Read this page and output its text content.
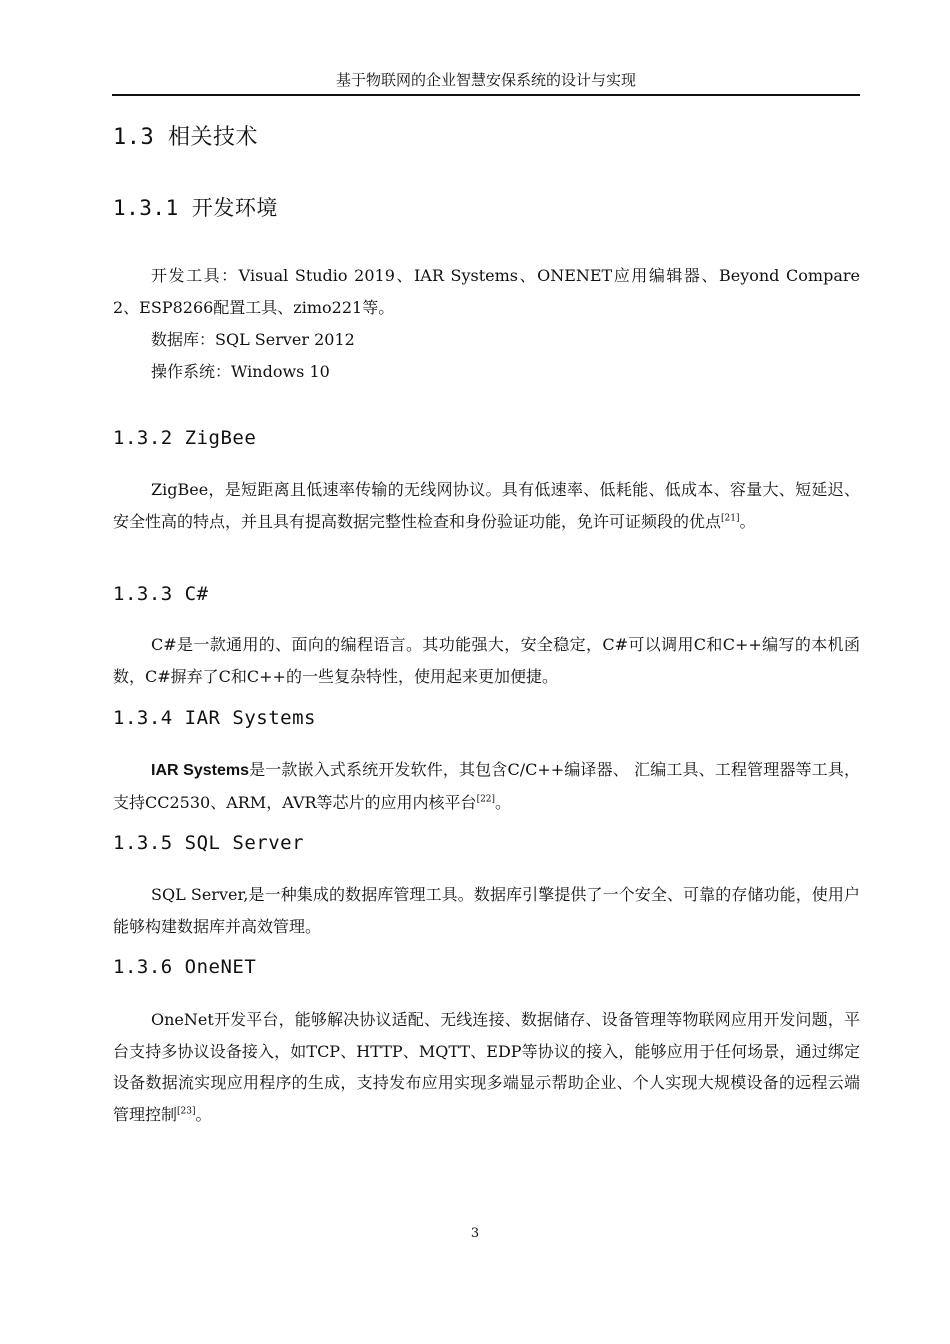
基于物联网的企业智慧安保系统的设计与实现
1.3 相关技术
1.3.1 开发环境
开发工具：Visual Studio 2019、IAR Systems、ONENET应用编辑器、Beyond Compare 2、ESP8266配置工具、zimo221等。
数据库：SQL Server 2012
操作系统：Windows 10
1.3.2 ZigBee
ZigBee，是短距离且低速率传输的无线网协议。具有低速率、低耗能、低成本、容量大、短延迟、安全性高的特点，并且具有提高数据完整性检查和身份验证功能，免许可证频段的优点[21]。
1.3.3 C#
C#是一款通用的、面向的编程语言。其功能强大，安全稳定，C#可以调用C和C++编写的本机函数，C#摒弃了C和C++的一些复杂特性，使用起来更加便捷。
1.3.4 IAR Systems
IAR Systems是一款嵌入式系统开发软件，其包含C/C++编译器、 汇编工具、工程管理器等工具，支持CC2530、ARM，AVR等芯片的应用内核平台[22]。
1.3.5 SQL Server
SQL Server,是一种集成的数据库管理工具。数据库引擎提供了一个安全、可靠的存储功能，使用户能够构建数据库并高效管理。
1.3.6 OneNET
OneNet开发平台，能够解决协议适配、无线连接、数据储存、设备管理等物联网应用开发问题，平台支持多协议设备接入，如TCP、HTTP、MQTT、EDP等协议的接入，能够应用于任何场景，通过绑定设备数据流实现应用程序的生成，支持发布应用实现多端显示帮助企业、个人实现大规模设备的远程云端管理控制[23]。
3
